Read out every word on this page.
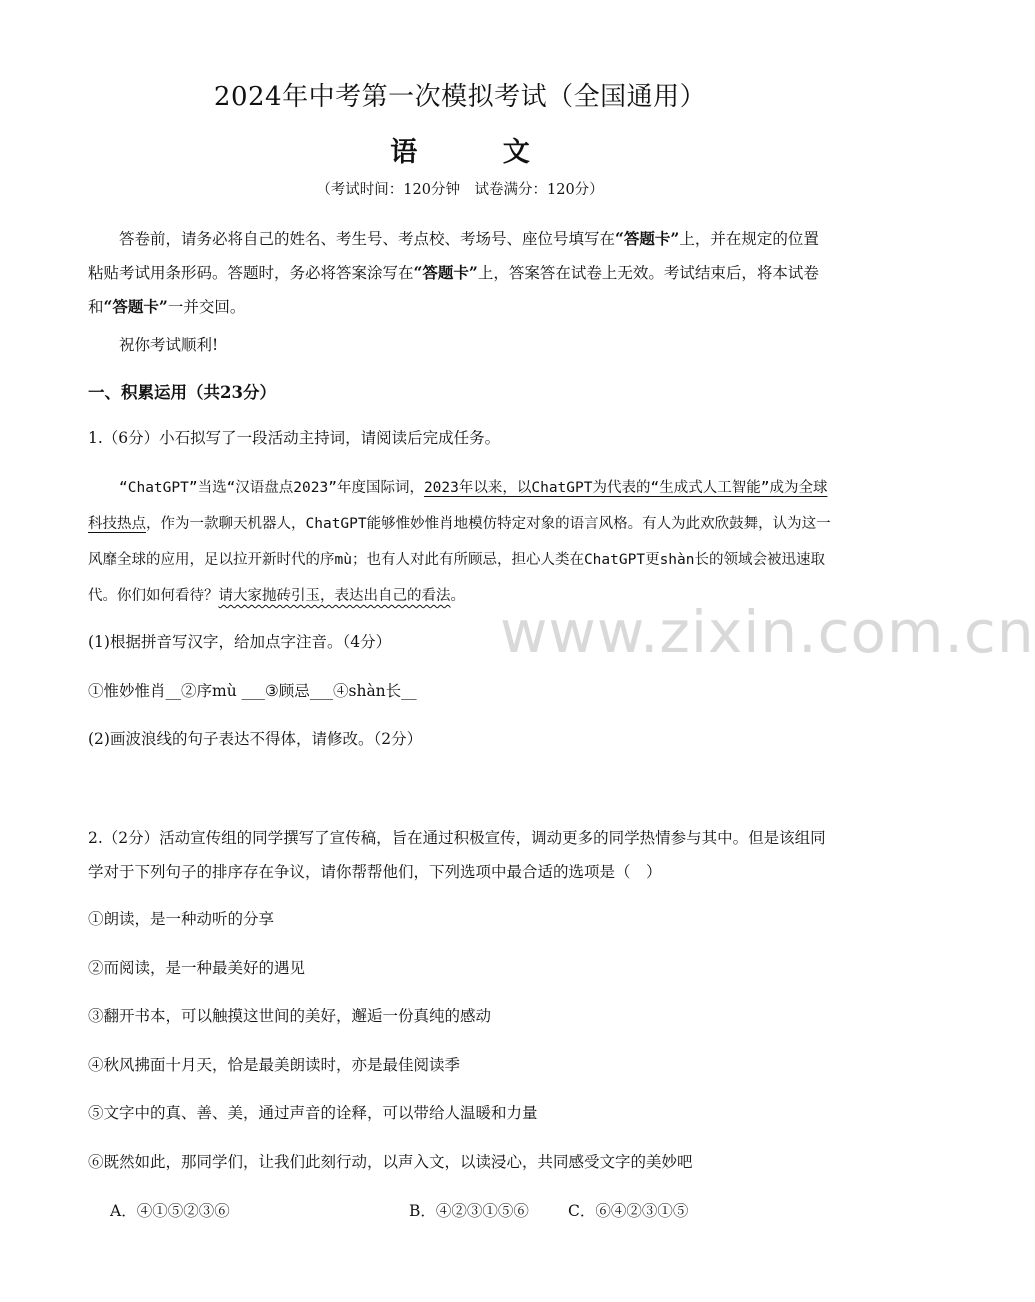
2024年中考第一次模拟考试（全国通用）
语 文
（考试时间：120分钟　试卷满分：120分）
答卷前，请务必将自己的姓名、考生号、考点校、考场号、座位号填写在“答题卡”上，并在规定的位置粘贴考试用条形码。答题时，务必将答案涂写在“答题卡”上，答案答在试卷上无效。考试结束后，将本试卷和“答题卡”一并交回。
祝你考试顺利!
一、积累运用（共23分）
1.（6分）小石拟写了一段活动主持词，请阅读后完成任务。
“ChatGPT”当选“汉语盘点2023”年度国际词，2023年以来，以ChatGPT为代表的“生成式人工智能”成为全球科技热点，作为一款聊天机器人，ChatGPT能够惟妙惟肖地模仿特定对象的语言风格。有人为此欢欣鼓舞，认为这一风靡全球的应用，足以拉开新时代的序mù；也有人对此有所顾忌，担心人类在ChatGPT更shàn长的领域会被迅速取代。你们如何看待？请大家抛砖引玉，表达出自己的看法。
www.zixin.com.cn
(1)根据拼音写汉字，给加点字注音。（4分）
①惟妙惟肖__②序mù ___③顾忌___④shàn长__
(2)画波浪线的句子表达不得体，请修改。（2分）
2.（2分）活动宣传组的同学撰写了宣传稿，旨在通过积极宣传，调动更多的同学热情参与其中。但是该组同学对于下列句子的排序存在争议，请你帮帮他们，下列选项中最合适的选项是（　）
①朗读，是一种动听的分享
②而阅读，是一种最美好的遇见
③翻开书本，可以触摸这世间的美好，邂逅一份真纯的感动
④秋风拂面十月天，恰是最美朗读时，亦是最佳阅读季
⑤文字中的真、善、美，通过声音的诠释，可以带给人温暖和力量
⑥既然如此，那同学们，让我们此刻行动，以声入文，以读浸心，共同感受文字的美妙吧
A．④①⑤②③⑥	B．④②③①⑤⑥	C．⑥④②③①⑤
